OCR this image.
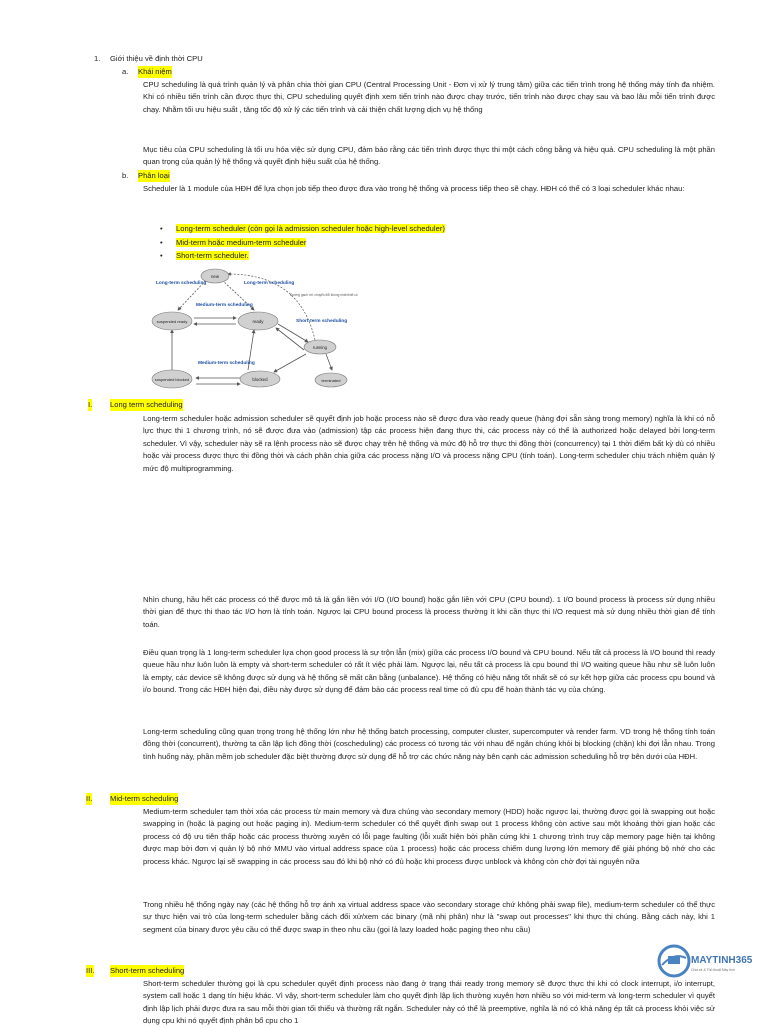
1. Giới thiệu về định thời CPU
a. Khái niệm
CPU scheduling là quá trình quản lý và phân chia thời gian CPU (Central Processing Unit - Đơn vị xử lý trung tâm) giữa các tiến trình trong hệ thống máy tính đa nhiệm. Khi có nhiều tiến trình cần được thực thi, CPU scheduling quyết định xem tiến trình nào được chạy trước, tiến trình nào được chạy sau và bao lâu mỗi tiến trình được chạy. Nhằm tối ưu hiệu suất , tăng tốc độ xử lý các tiến trình và cải thiện chất lượng dịch vụ hệ thống
Mục tiêu của CPU scheduling là tối ưu hóa việc sử dụng CPU, đảm bảo rằng các tiến trình được thực thi một cách công bằng và hiệu quả. CPU scheduling là một phần quan trọng của quản lý hệ thống và quyết định hiệu suất của hệ thống.
b. Phân loại
Scheduler là 1 module của HĐH để lựa chọn job tiếp theo được đưa vào trong hệ thống và process tiếp theo sẽ chạy. HĐH có thể có 3 loại scheduler khác nhau:
• Long-term scheduler (còn gọi là admission scheduler hoặc high-level scheduler)
• Mid-term hoặc medium-term scheduler
• Short-term scheduler.
new
ready
running
suspended ready
suspended blocked	blocked	terminated
Long-term scheduling	Long-term scheduling
Medium-term scheduling
Short-term scheduling
Medium-term scheduling
Đường gạch rời: chuyển đổi không nhất thiết có
I. Long term scheduling
Long-term scheduler hoặc admission scheduler sẽ quyết định job hoặc process nào sẽ được đưa vào ready queue (hàng đợi sẵn sàng trong memory) nghĩa là khi có nỗ lực thực thi 1 chương trình, nó sẽ được đưa vào (admission) tập các process hiện đang thực thi, các process này có thể là authorized hoặc delayed bởi long-term scheduler. Vì vậy, scheduler này sẽ ra lệnh process nào sẽ được chạy trên hệ thống và mức độ hỗ trợ thực thi đồng thời (concurrency) tại 1 thời điểm bất kỳ dù có nhiều hoặc vài process được thực thi đồng thời và cách phân chia giữa các process nặng I/O và process nặng CPU (tính toán). Long-term scheduler chịu trách nhiệm quản lý mức độ multiprogramming.
Nhìn chung, hầu hết các process có thể được mô tả là gắn liền với I/O (I/O bound) hoặc gắn liền với CPU (CPU bound). 1 I/O bound process là process sử dụng nhiều thời gian để thực thi thao tác I/O hơn là tính toán. Ngược lại CPU bound process là process thường ít khi cần thực thi I/O request mà sử dụng nhiều thời gian để tính toán.
Điều quan trọng là 1 long-term scheduler lựa chọn good process là sự trộn lẫn (mix) giữa các process I/O bound và CPU bound. Nếu tất cả process là I/O bound thì ready queue hầu như luôn luôn là empty và short-term scheduler có rất ít việc phải làm. Ngược lại, nếu tất cả process là cpu bound thì I/O waiting queue hầu như sẽ luôn luôn là empty, các device sẽ không được sử dụng và hệ thống sẽ mất cân bằng (unbalance). Hệ thống có hiệu năng tốt nhất sẽ có sự kết hợp giữa các process cpu bound và i/o bound. Trong các HĐH hiện đại, điều này được sử dụng để đảm bảo các process real time có đủ cpu để hoàn thành tác vụ của chúng.
Long-term scheduling cũng quan trọng trong hệ thống lớn như hệ thống batch processing, computer cluster, supercomputer và render farm. VD trong hệ thống tính toán đồng thời (concurrent), thường ta cần lập lịch đồng thời (coscheduling) các process có tương tác với nhau để ngăn chúng khỏi bị blocking (chặn) khi đợi lẫn nhau. Trong tình huống này, phần mềm job scheduler đặc biệt thường được sử dụng để hỗ trợ các chức năng này bên cạnh các admission scheduling hỗ trợ bên dưới của HĐH.
II. Mid-term scheduling
Medium-term scheduler tạm thời xóa các process từ main memory và đưa chúng vào secondary memory (HDD) hoặc ngược lại, thường được gọi là swapping out hoặc swapping in (hoặc là paging out hoặc paging in). Medium-term scheduler có thể quyết định swap out 1 process không còn active sau một khoảng thời gian hoặc các process có độ ưu tiên thấp hoặc các process thường xuyên có lỗi page faulting (lỗi xuất hiện bởi phần cứng khi 1 chương trình truy cập memory page hiện tại không được map bởi đơn vị quản lý bộ nhớ MMU vào virtual address space của 1 process) hoặc các process chiếm dung lượng lớn memory để giải phóng bộ nhớ cho các process khác. Ngược lại sẽ swapping in các process sau đó khi bộ nhớ có đủ hoặc khi process được unblock và không còn chờ đợi tài nguyên nữa
Trong nhiều hệ thống ngày nay (các hệ thống hỗ trợ ánh xạ virtual address space vào secondary storage chứ không phải swap file), medium-term scheduler có thể thực sự thực hiện vai trò của long-term scheduler bằng cách đối xử/xem các binary (mã nhị phân) như là "swap out processes" khi thực thi chúng. Bằng cách này, khi 1 segment của binary được yêu cầu có thể được swap in theo nhu cầu (gọi là lazy loaded hoặc paging theo nhu cầu)
III. Short-term scheduling
Short-term scheduler thường gọi là cpu scheduler quyết định process nào đang ở trạng thái ready trong memory sẽ được thực thi khi có clock interrupt, i/o interrupt, system call hoặc 1 dạng tín hiệu khác. Vì vậy, short-term scheduler làm cho quyết định lập lịch thường xuyên hơn nhiều so với mid-term và long-term scheduler vì quyết định lập lịch phải được đưa ra sau mỗi thời gian tối thiểu và thường rất ngắn. Scheduler này có thể là preemptive, nghĩa là nó có khả năng ép tất cả process khỏi việc sử dụng cpu khi nó quyết định phân bổ cpu cho 1
MAYTINH365
Chia sẻ & Thủ thuật Máy tính
